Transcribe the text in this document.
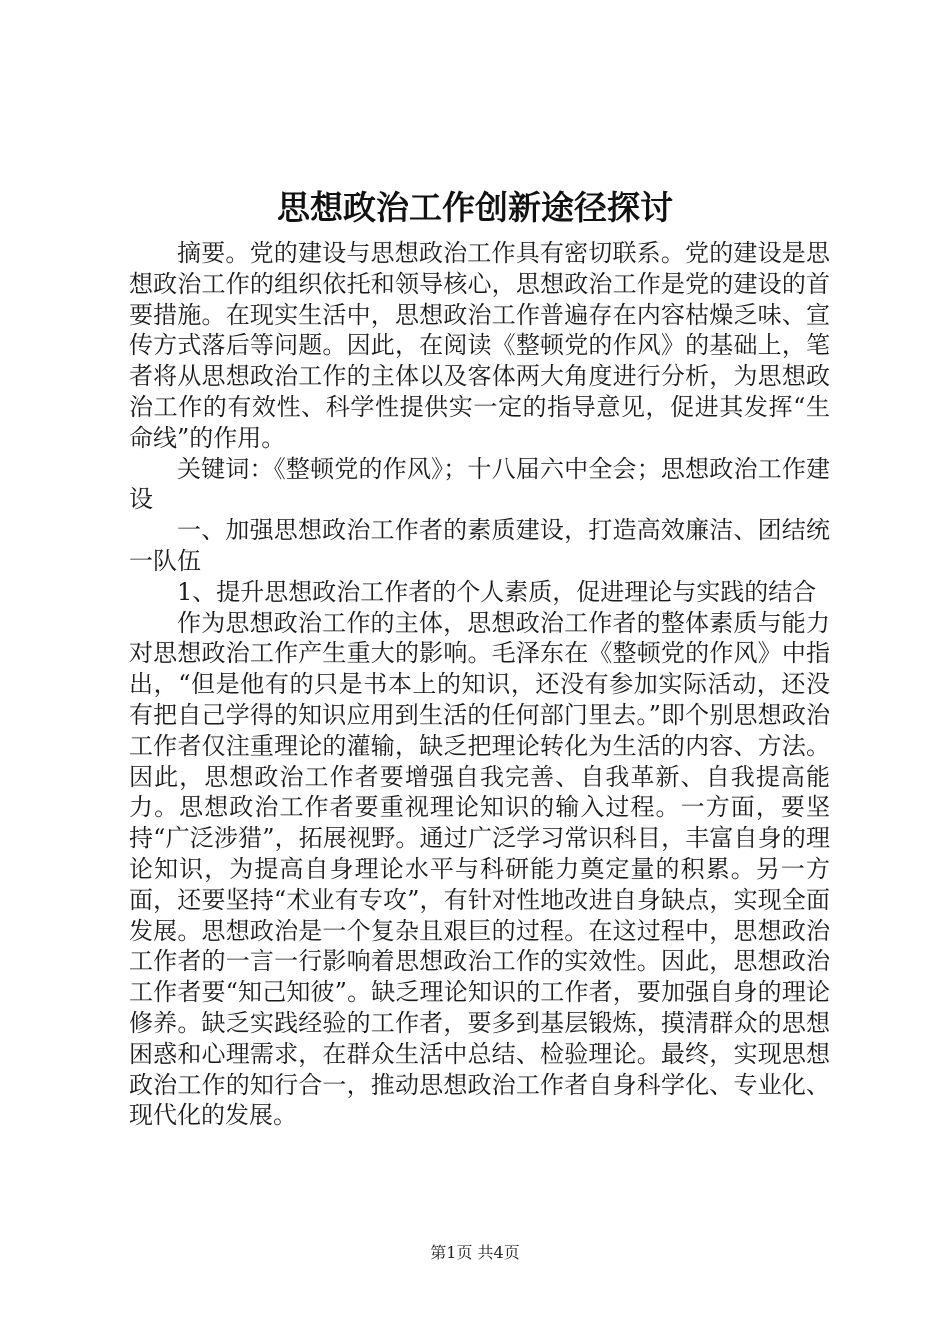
思想政治工作创新途径探讨

摘要。党的建设与思想政治工作具有密切联系。党的建设是思想政治工作的组织依托和领导核心，思想政治工作是党的建设的首要措施。在现实生活中，思想政治工作普遍存在内容枯燥乏味、宣传方式落后等问题。因此，在阅读《整顿党的作风》的基础上，笔者将从思想政治工作的主体以及客体两大角度进行分析，为思想政治工作的有效性、科学性提供实一定的指导意见，促进其发挥“生命线”的作用。

关键词：《整顿党的作风》；十八届六中全会；思想政治工作建设

一、加强思想政治工作者的素质建设，打造高效廉洁、团结统一队伍

1、提升思想政治工作者的个人素质，促进理论与实践的结合

作为思想政治工作的主体，思想政治工作者的整体素质与能力对思想政治工作产生重大的影响。毛泽东在《整顿党的作风》中指出，“但是他有的只是书本上的知识，还没有参加实际活动，还没有把自己学得的知识应用到生活的任何部门里去。”即个别思想政治工作者仅注重理论的灌输，缺乏把理论转化为生活的内容、方法。因此，思想政治工作者要增强自我完善、自我革新、自我提高能力。思想政治工作者要重视理论知识的输入过程。一方面，要坚持“广泛涉猎”，拓展视野。通过广泛学习常识科目，丰富自身的理论知识，为提高自身理论水平与科研能力奠定量的积累。另一方面，还要坚持“术业有专攻”，有针对性地改进自身缺点，实现全面发展。思想政治是一个复杂且艰巨的过程。在这过程中，思想政治工作者的一言一行影响着思想政治工作的实效性。因此，思想政治工作者要“知己知彼”。缺乏理论知识的工作者，要加强自身的理论修养。缺乏实践经验的工作者，要多到基层锻炼，摸清群众的思想困惑和心理需求，在群众生活中总结、检验理论。最终，实现思想政治工作的知行合一，推动思想政治工作者自身科学化、专业化、现代化的发展。

第1页 共4页
